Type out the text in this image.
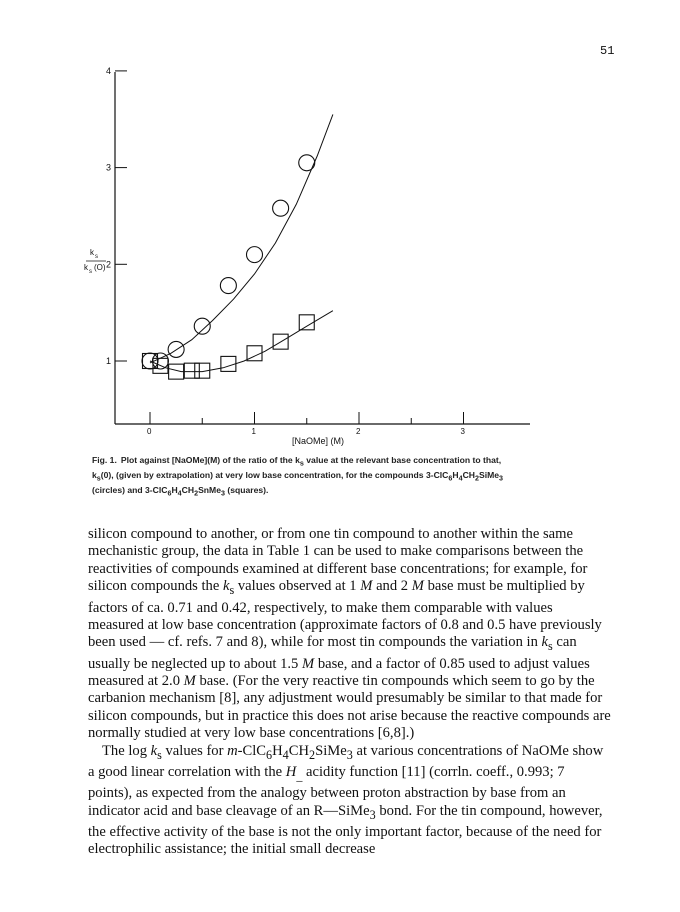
51
1
2
3
4
0	1	2	3
k s
k s (O)
[NaOMe] (M)
Fig. 1. Plot against [NaOMe](M) of the ratio of the $k_s$ value at the relevant base concentration to that,
$k_s(0)$, (given by extrapolation) at very low base concentration, for the compounds $3-ClC_6H_4CH_2SiMe_3$
(circles) and $3-ClC_6H_4CH_2SnMe_3$ (squares).

silicon compound to another, or from one tin compound to another within the same mechanistic group, the data in Table 1 can be used to make comparisons between the reactivities of compounds examined at different base concentrations; for example, for silicon compounds the $k_s$ values observed at 1 M and 2 M base must be multiplied by factors of ca. 0.71 and 0.42, respectively, to make them comparable with values measured at low base concentration (approximate factors of 0.8 and 0.5 have previously been used — cf. refs. 7 and 8), while for most tin compounds the variation in $k_s$ can usually be neglected up to about 1.5 M base, and a factor of 0.85 used to adjust values measured at 2.0 M base. (For the very reactive tin compounds which seem to go by the carbanion mechanism [8], any adjustment would presumably be similar to that made for silicon compounds, but in practice this does not arise because the reactive compounds are normally studied at very low base concentrations [6,8].)

The $\log k_s$ values for $m-ClC_6H_4CH_2SiMe_3$ at various concentrations of NaOMe show a good linear correlation with the $H_{\_}$ acidity function [11] (corrln. coeff., 0.993; 7 points), as expected from the analogy between proton abstraction by base from an indicator acid and base cleavage of an R—SiMe$_3$ bond. For the tin compound, however, the effective activity of the base is not the only important factor, because of the need for electrophilic assistance; the initial small decrease
